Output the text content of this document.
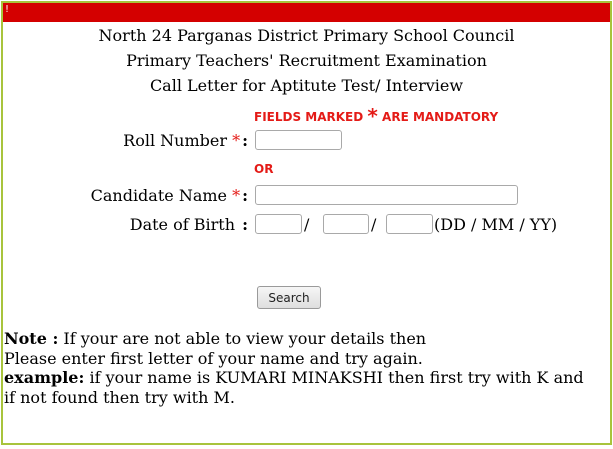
!
North 24 Parganas District Primary School Council
Primary Teachers' Recruitment Examination
Call Letter for Aptitute Test/ Interview
FIELDS MARKED * ARE MANDATORY
Roll Number * :
OR
Candidate Name * :
Date of Birth :	/	/	(DD / MM / YY)
Search
Note : If your are not able to view your details then
Please enter first letter of your name and try again.
example: if your name is KUMARI MINAKSHI then first try with K and if not found then try with M.
